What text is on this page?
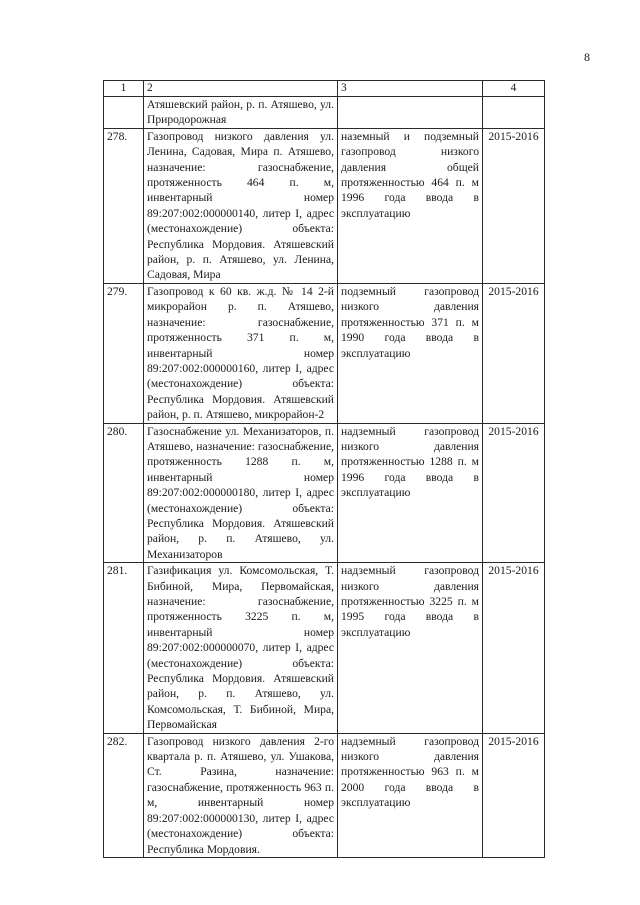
8
1	2	3	4
	Атяшевский район, р. п. Атяшево, ул. Природорожная		
278.	Газопровод низкого давления ул. Ленина, Садовая, Мира п. Атяшево, назначение: газоснабжение, протяженность 464 п. м, инвентарный номер 89:207:002:000000140, литер I, адрес (местонахождение) объекта: Республика Мордовия. Атяшевский район, р. п. Атяшево, ул. Ленина, Садовая, Мира	наземный и подземный газопровод низкого давления общей протяженностью 464 п. м 1996 года ввода в эксплуатацию	2015-2016
279.	Газопровод к 60 кв. ж.д. № 14 2-й микрорайон р. п. Атяшево, назначение: газоснабжение, протяженность 371 п. м, инвентарный номер 89:207:002:000000160, литер I, адрес (местонахождение) объекта: Республика Мордовия. Атяшевский район, р. п. Атяшево, микрорайон-2	подземный газопровод низкого давления протяженностью 371 п. м 1990 года ввода в эксплуатацию	2015-2016
280.	Газоснабжение ул. Механизаторов, п. Атяшево, назначение: газоснабжение, протяженность 1288 п. м, инвентарный номер 89:207:002:000000180, литер I, адрес (местонахождение) объекта: Республика Мордовия. Атяшевский район, р. п. Атяшево, ул. Механизаторов	надземный газопровод низкого давления протяженностью 1288 п. м 1996 года ввода в эксплуатацию	2015-2016
281.	Газификация ул. Комсомольская, Т. Бибиной, Мира, Первомайская, назначение: газоснабжение, протяженность 3225 п. м, инвентарный номер 89:207:002:000000070, литер I, адрес (местонахождение) объекта: Республика Мордовия. Атяшевский район, р. п. Атяшево, ул. Комсомольская, Т. Бибиной, Мира, Первомайская	надземный газопровод низкого давления протяженностью 3225 п. м 1995 года ввода в эксплуатацию	2015-2016
282.	Газопровод низкого давления 2-го квартала р. п. Атяшево, ул. Ушакова, Ст. Разина, назначение: газоснабжение, протяженность 963 п. м, инвентарный номер 89:207:002:000000130, литер I, адрес (местонахождение) объекта: Республика Мордовия.	надземный газопровод низкого давления протяженностью 963 п. м 2000 года ввода в эксплуатацию	2015-2016
